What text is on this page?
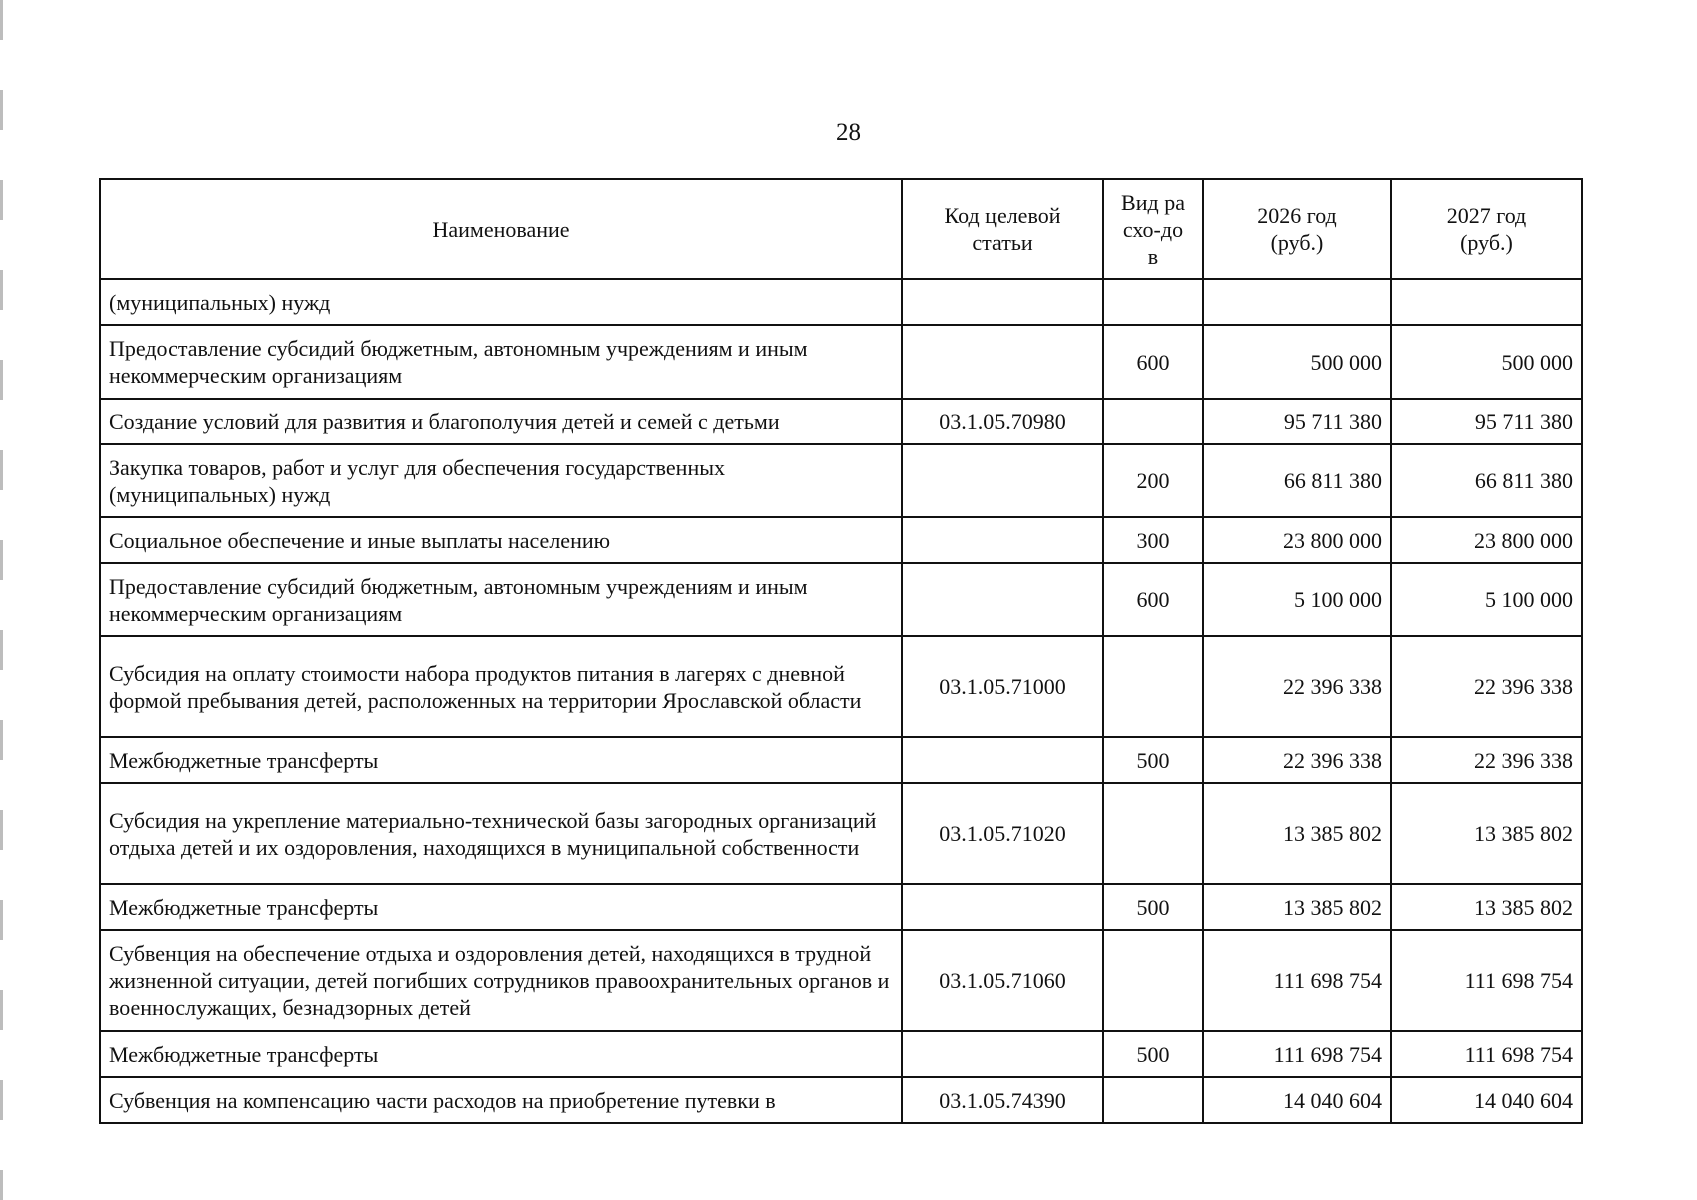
28
Наименование	Код целевой статьи	Вид расхо-дов	2026 год (руб.)	2027 год (руб.)
(муниципальных) нужд				
Предоставление субсидий бюджетным, автономным учреждениям и иным некоммерческим организациям		600	500 000	500 000
Создание условий для развития и благополучия детей и семей с детьми	03.1.05.70980		95 711 380	95 711 380
Закупка товаров, работ и услуг для обеспечения государственных (муниципальных) нужд		200	66 811 380	66 811 380
Социальное обеспечение и иные выплаты населению		300	23 800 000	23 800 000
Предоставление субсидий бюджетным, автономным учреждениям и иным некоммерческим организациям		600	5 100 000	5 100 000
Субсидия на оплату стоимости набора продуктов питания в лагерях с дневной формой пребывания детей, расположенных на территории Ярославской области	03.1.05.71000		22 396 338	22 396 338
Межбюджетные трансферты		500	22 396 338	22 396 338
Субсидия на укрепление материально-технической базы загородных организаций отдыха детей и их оздоровления, находящихся в муниципальной собственности	03.1.05.71020		13 385 802	13 385 802
Межбюджетные трансферты		500	13 385 802	13 385 802
Субвенция на обеспечение отдыха и оздоровления детей, находящихся в трудной жизненной ситуации, детей погибших сотрудников правоохранительных органов и военнослужащих, безнадзорных детей	03.1.05.71060		111 698 754	111 698 754
Межбюджетные трансферты		500	111 698 754	111 698 754
Субвенция на компенсацию части расходов на приобретение путевки в	03.1.05.74390		14 040 604	14 040 604
